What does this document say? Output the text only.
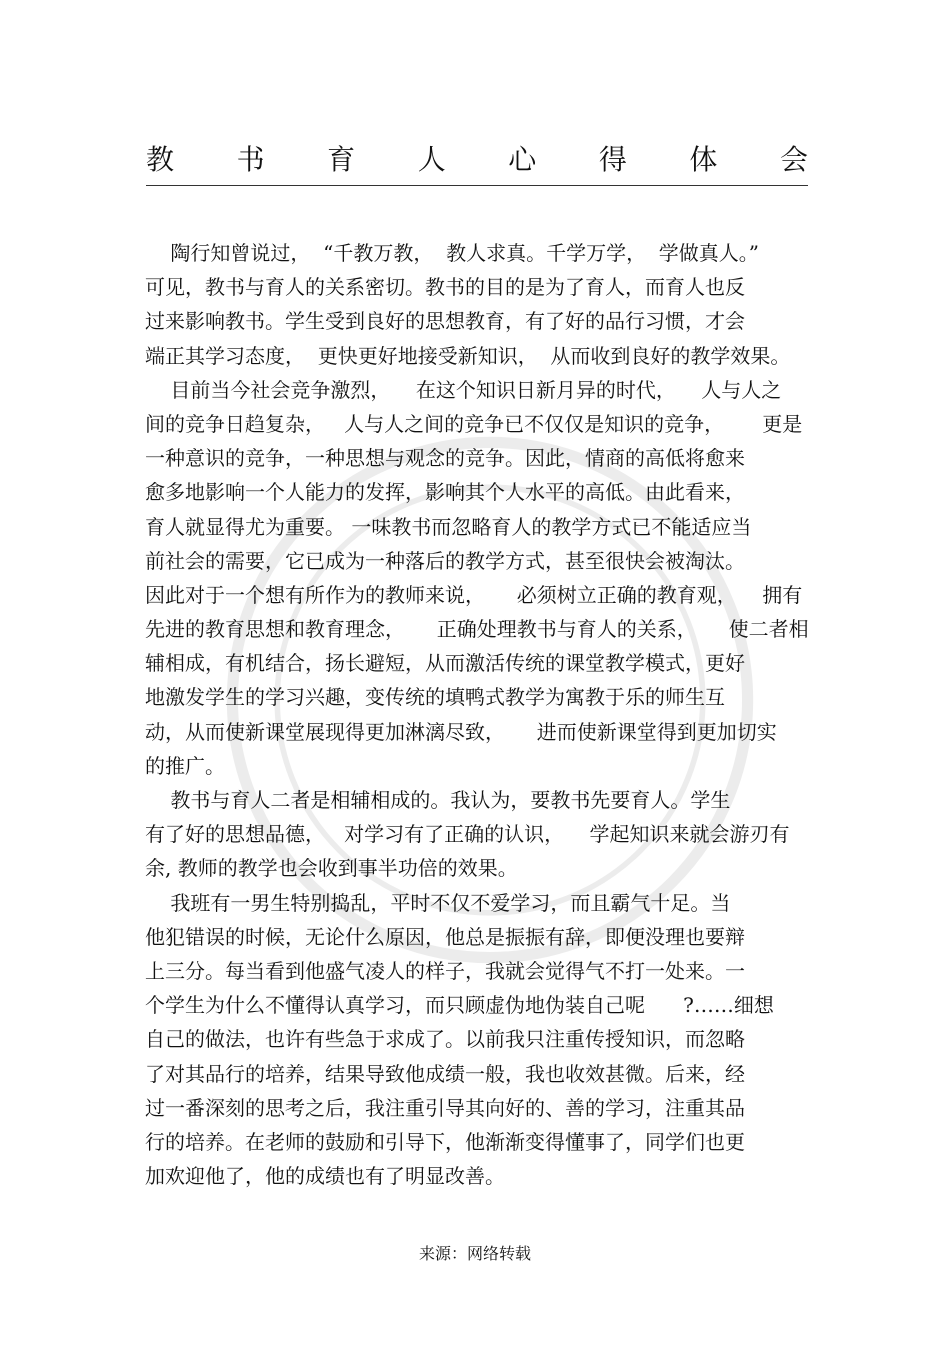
教 书 育 人 心 得 体 会
陶行知曾说过，  “千教万教，  教人求真。千学万学，  学做真人。”
可见，教书与育人的关系密切。教书的目的是为了育人，而育人也反
过来影响教书。学生受到良好的思想教育，有了好的品行习惯，才会
端正其学习态度，  更快更好地接受新知识，  从而收到良好的教学效果。
目前当今社会竞争激烈，    在这个知识日新月异的时代，    人与人之
间的竞争日趋复杂，   人与人之间的竞争已不仅仅是知识的竞争，      更是
一种意识的竞争，一种思想与观念的竞争。因此，情商的高低将愈来
愈多地影响一个人能力的发挥，影响其个人水平的高低。由此看来，
育人就显得尤为重要。 一味教书而忽略育人的教学方式已不能适应当
前社会的需要，它已成为一种落后的教学方式，甚至很快会被淘汰。
因此对于一个想有所作为的教师来说，     必须树立正确的教育观，    拥有
先进的教育思想和教育理念，     正确处理教书与育人的关系，     使二者相
辅相成，有机结合，扬长避短，从而激活传统的课堂教学模式，更好
地激发学生的学习兴趣，变传统的填鸭式教学为寓教于乐的师生互
动，从而使新课堂展现得更加淋漓尽致，     进而使新课堂得到更加切实
的推广。
教书与育人二者是相辅相成的。我认为，要教书先要育人。学生
有了好的思想品德，   对学习有了正确的认识，    学起知识来就会游刃有
余, 教师的教学也会收到事半功倍的效果。
我班有一男生特别捣乱，平时不仅不爱学习，而且霸气十足。当
他犯错误的时候，无论什么原因，他总是振振有辞，即便没理也要辩
上三分。每当看到他盛气凌人的样子，我就会觉得气不打一处来。一
个学生为什么不懂得认真学习，而只顾虚伪地伪装自己呢      ?……细想
自己的做法，也许有些急于求成了。以前我只注重传授知识，而忽略
了对其品行的培养，结果导致他成绩一般，我也收效甚微。后来，经
过一番深刻的思考之后，我注重引导其向好的、善的学习，注重其品
行的培养。在老师的鼓励和引导下，他渐渐变得懂事了，同学们也更
加欢迎他了，他的成绩也有了明显改善。
来源：网络转载
